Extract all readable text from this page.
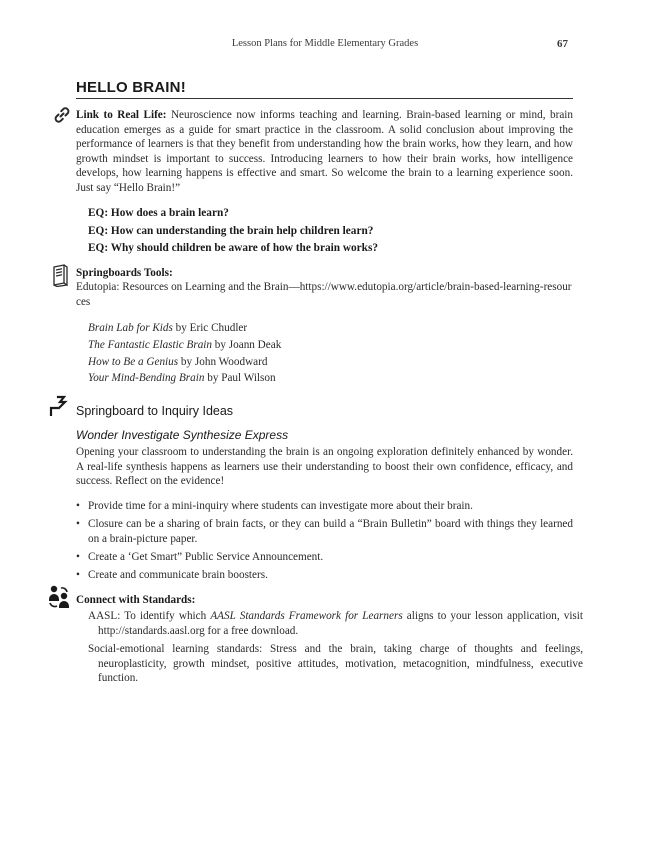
Lesson Plans for Middle Elementary Grades	67
HELLO BRAIN!
Link to Real Life: Neuroscience now informs teaching and learning. Brain-based learning or mind, brain education emerges as a guide for smart practice in the classroom. A solid conclusion about improving the performance of learners is that they benefit from understanding how the brain works, how they learn, and how growth mindset is important to success. Introducing learners to how their brain works, how intelligence develops, how learning happens is effective and smart. So welcome the brain to a learning experience soon. Just say “Hello Brain!”
EQ: How does a brain learn?
EQ: How can understanding the brain help children learn?
EQ: Why should children be aware of how the brain works?
Springboards Tools:
Edutopia: Resources on Learning and the Brain—https://www.edutopia.org/article/brain-based-learning-resources
Brain Lab for Kids by Eric Chudler
The Fantastic Elastic Brain by Joann Deak
How to Be a Genius by John Woodward
Your Mind-Bending Brain by Paul Wilson
Springboard to Inquiry Ideas
Wonder Investigate Synthesize Express
Opening your classroom to understanding the brain is an ongoing exploration definitely enhanced by wonder. A real-life synthesis happens as learners use their understanding to boost their own confidence, efficacy, and success. Reflect on the evidence!
• Provide time for a mini-inquiry where students can investigate more about their brain.
• Closure can be a sharing of brain facts, or they can build a “Brain Bulletin” board with things they learned on a brain-picture paper.
• Create a ‘Get Smart” Public Service Announcement.
• Create and communicate brain boosters.
Connect with Standards:
AASL: To identify which AASL Standards Framework for Learners aligns to your lesson application, visit http://standards.aasl.org for a free download.
Social-emotional learning standards: Stress and the brain, taking charge of thoughts and feelings, neuroplasticity, growth mindset, positive attitudes, motivation, metacognition, mindfulness, executive function.
